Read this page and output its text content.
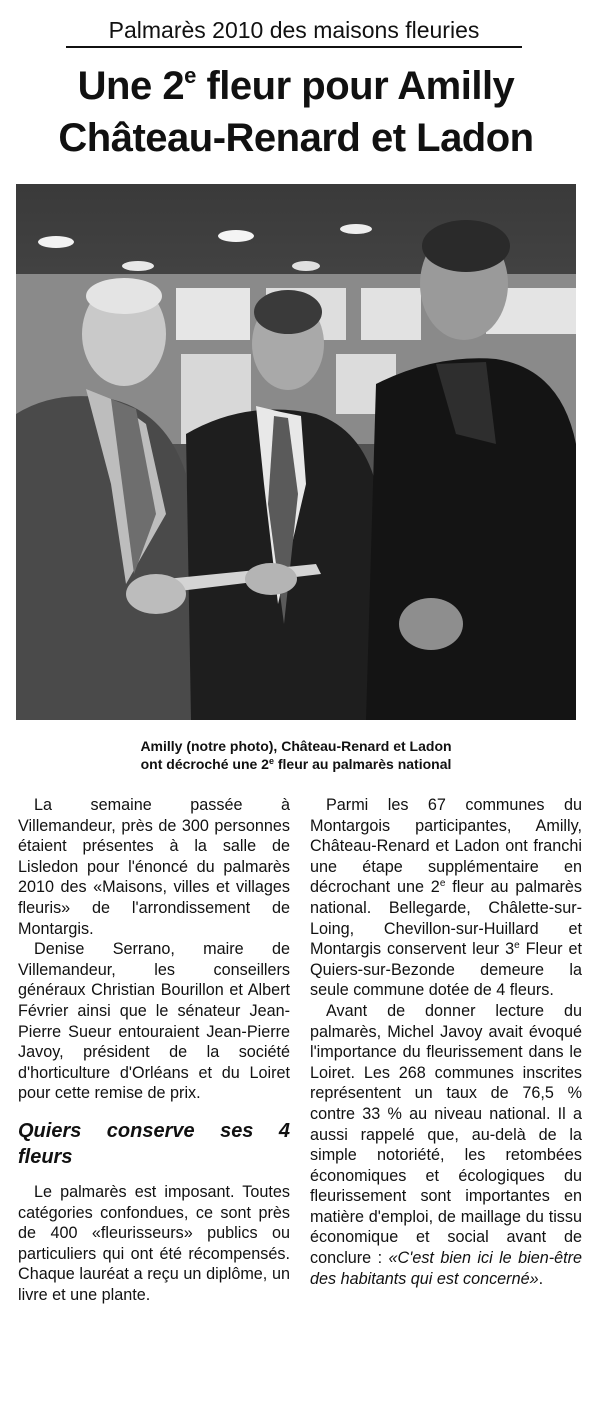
Palmarès 2010 des maisons fleuries
Une 2e fleur pour Amilly
Château-Renard et Ladon
Amilly (notre photo), Château-Renard et Ladon
ont décroché une 2e fleur au palmarès national

La semaine passée à Villemandeur, près de 300 personnes étaient présentes à la salle de Lisledon pour l'énoncé du palmarès 2010 des «Maisons, villes et villages fleuris» de l'arrondissement de Montargis.

Denise Serrano, maire de Villemandeur, les conseillers généraux Christian Bourillon et Albert Février ainsi que le sénateur Jean-Pierre Sueur entouraient Jean-Pierre Javoy, président de la société d'horticulture d'Orléans et du Loiret pour cette remise de prix.

Quiers conserve ses 4 fleurs

Le palmarès est imposant. Toutes catégories confondues, ce sont près de 400 «fleurisseurs» publics ou particuliers qui ont été récompensés. Chaque lauréat a reçu un diplôme, un livre et une plante.

Parmi les 67 communes du Montargois participantes, Amilly, Château-Renard et Ladon ont franchi une étape supplémentaire en décrochant une 2e fleur au palmarès national. Bellegarde, Châlette-sur-Loing, Chevillon-sur-Huillard et Montargis conservent leur 3e Fleur et Quiers-sur-Bezonde demeure la seule commune dotée de 4 fleurs.

Avant de donner lecture du palmarès, Michel Javoy avait évoqué l'importance du fleurissement dans le Loiret. Les 268 communes inscrites représentent un taux de 76,5 % contre 33 % au niveau national. Il a aussi rappelé que, au-delà de la simple notoriété, les retombées économiques et écologiques du fleurissement sont importantes en matière d'emploi, de maillage du tissu économique et social avant de conclure : «C'est bien ici le bien-être des habitants qui est concerné».
